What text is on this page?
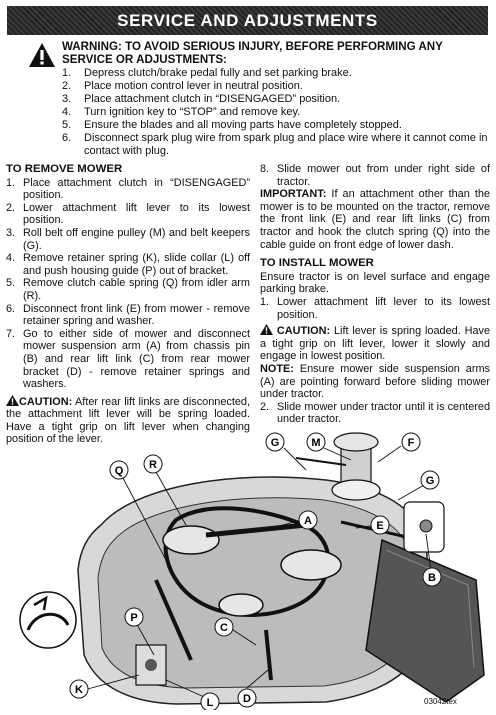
SERVICE AND ADJUSTMENTS
WARNING: TO AVOID SERIOUS INJURY, BEFORE PERFORMING ANY
SERVICE OR ADJUSTMENTS:
1.	Depress clutch/brake pedal fully and set parking brake.
2.	Place motion control lever in neutral position.
3.	Place attachment clutch in “DISENGAGED” position.
4.	Turn ignition key to “STOP” and remove key.
5.	Ensure the blades and all moving parts have completely stopped.
6.	Disconnect spark plug wire from spark plug and place wire where it cannot come in contact with plug.
TO REMOVE MOWER
1. Place attachment clutch in “DISENGAGED” position.
2. Lower attachment lift lever to its lowest position.
3. Roll belt off engine pulley (M) and belt keepers (G).
4. Remove retainer spring (K), slide collar (L) off and push housing guide (P) out of bracket.
5. Remove clutch cable spring (Q) from idler arm (R).
6. Disconnect front link (E) from mower - remove retainer spring and washer.
7. Go to either side of mower and disconnect mower suspension arm (A) from chassis pin (B) and rear lift link (C) from rear mower bracket (D) - remove retainer springs and washers.

CAUTION: After rear lift links are disconnected, the attachment lift lever will be spring loaded. Have a tight grip on lift lever when changing position of the lever.

8. Slide mower out from under right side of tractor.

IMPORTANT: If an attachment other than the mower is to be mounted on the tractor, remove the front link (E) and rear lift links (C) from tractor and hook the clutch spring (Q) into the cable guide on front edge of lower dash.

TO INSTALL MOWER

Ensure tractor is on level surface and engage parking brake.

1. Lower attachment lift lever to its lowest position.

CAUTION: Lift lever is spring loaded. Have a tight grip on lift lever, lower it slowly and engage in lowest position.

NOTE: Ensure mower side suspension arms (A) are pointing forward before sliding mower under tractor.

2. Slide mower under tractor until it is centered under tractor.
G	M	F
R
Q
G
E
A
B
C
P
K
L	D	03042tex
